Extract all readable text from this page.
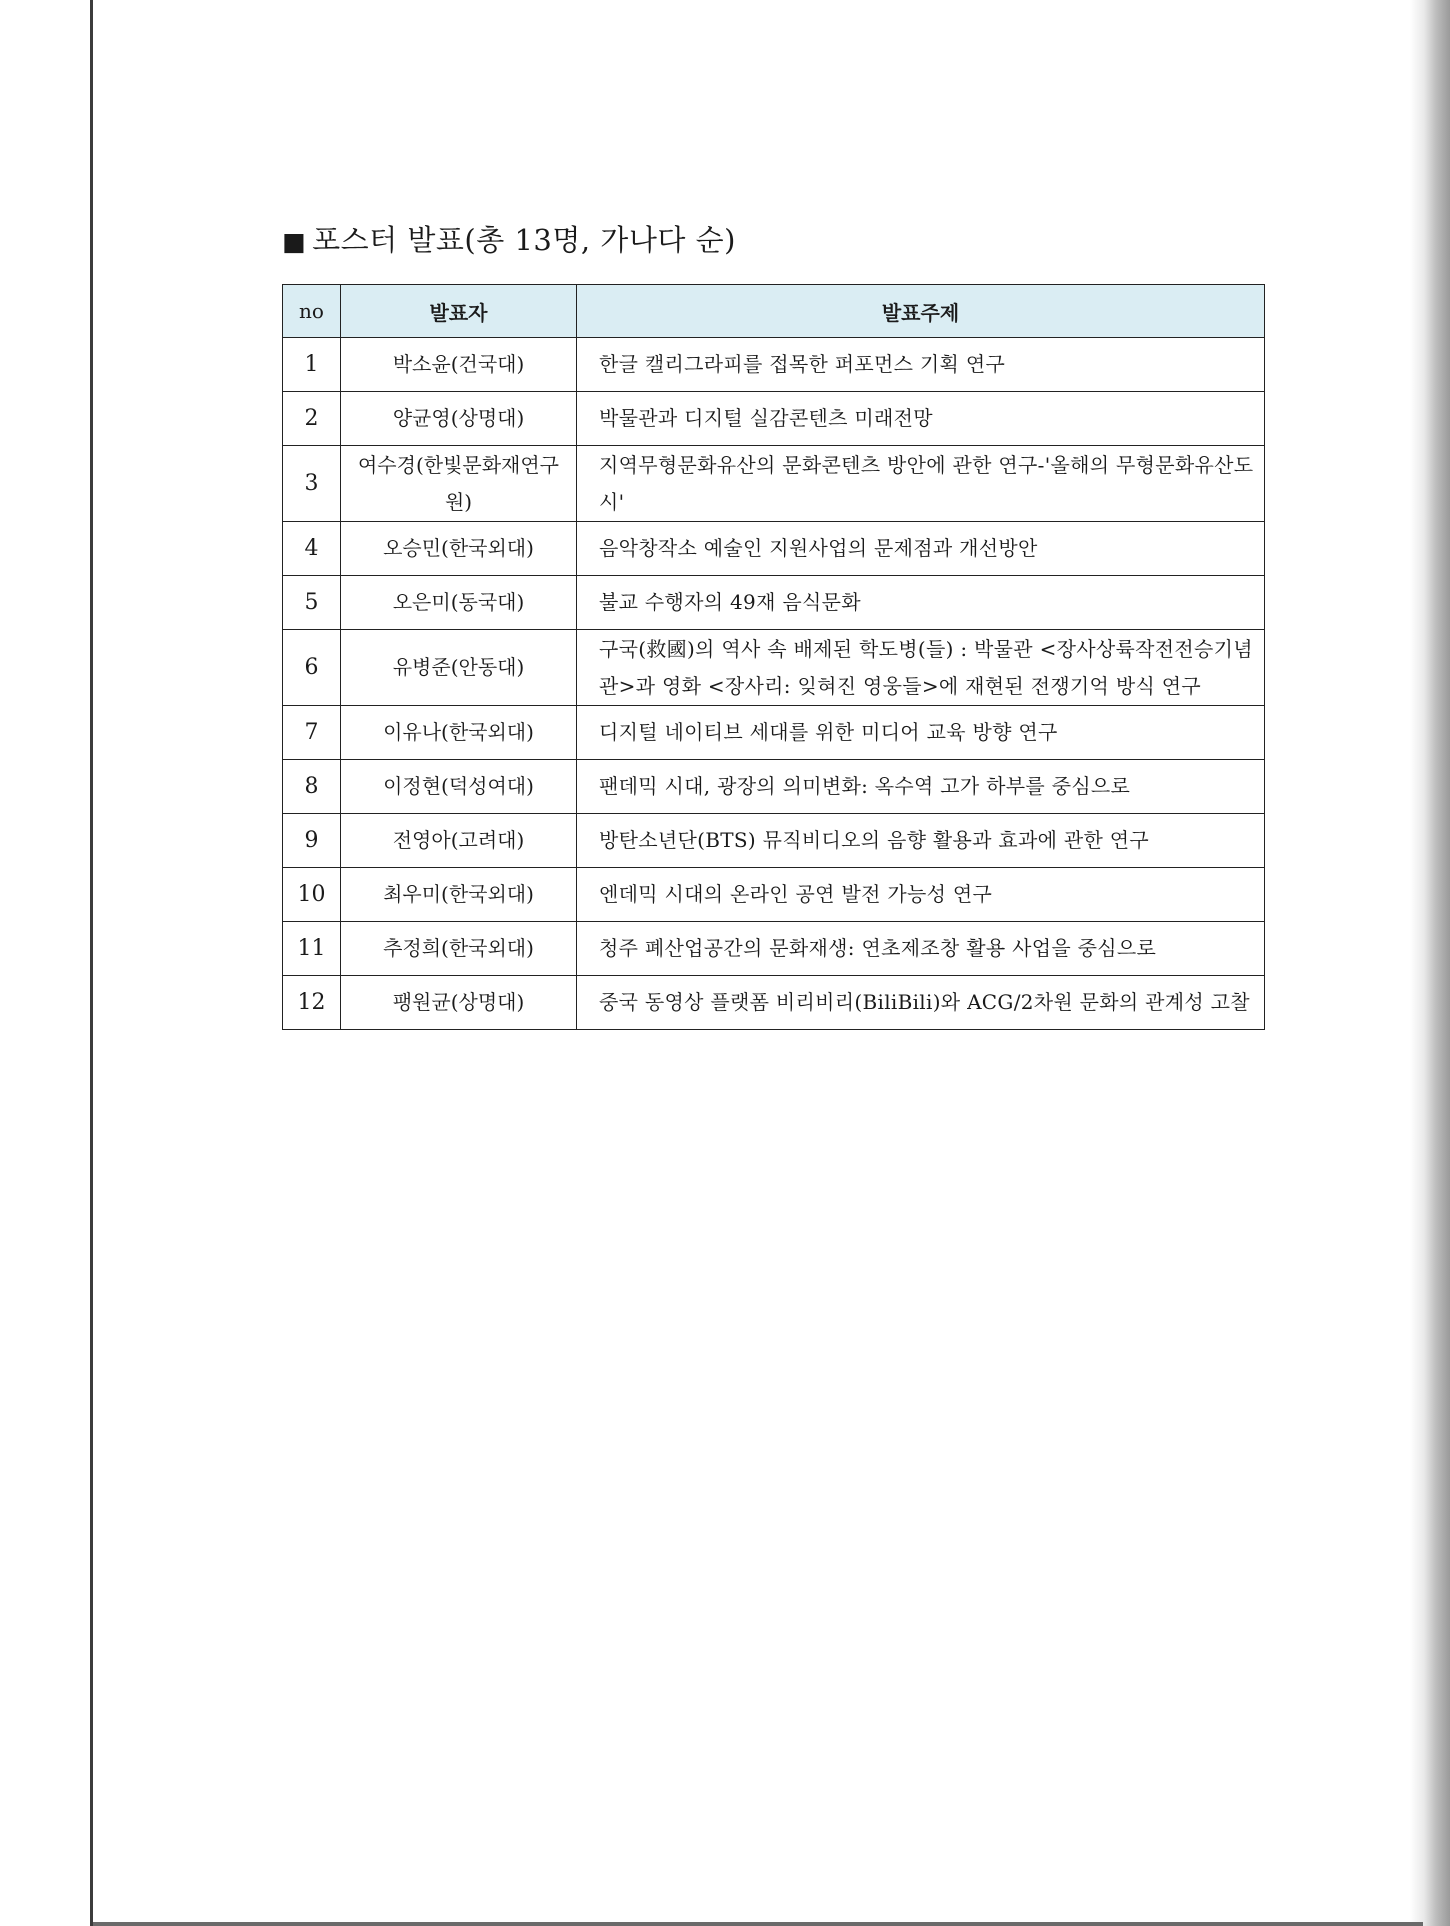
■ 포스터 발표(총 13명, 가나다 순)
no	발표자	발표주제
1	박소윤(건국대)	한글 캘리그라피를 접목한 퍼포먼스 기획 연구
2	양균영(상명대)	박물관과 디지털 실감콘텐츠 미래전망
3	여수경(한빛문화재연구원)	지역무형문화유산의 문화콘텐츠 방안에 관한 연구-'올해의 무형문화유산도시'
4	오승민(한국외대)	음악창작소 예술인 지원사업의 문제점과 개선방안
5	오은미(동국대)	불교 수행자의 49재 음식문화
6	유병준(안동대)	구국(救國)의 역사 속 배제된 학도병(들) : 박물관 <장사상륙작전전승기념관>과 영화 <장사리: 잊혀진 영웅들>에 재현된 전쟁기억 방식 연구
7	이유나(한국외대)	디지털 네이티브 세대를 위한 미디어 교육 방향 연구
8	이정현(덕성여대)	팬데믹 시대, 광장의 의미변화: 옥수역 고가 하부를 중심으로
9	전영아(고려대)	방탄소년단(BTS) 뮤직비디오의 음향 활용과 효과에 관한 연구
10	최우미(한국외대)	엔데믹 시대의 온라인 공연 발전 가능성 연구
11	추정희(한국외대)	청주 폐산업공간의 문화재생: 연초제조창 활용 사업을 중심으로
12	팽원균(상명대)	중국 동영상 플랫폼 비리비리(BiliBili)와 ACG/2차원 문화의 관계성 고찰
